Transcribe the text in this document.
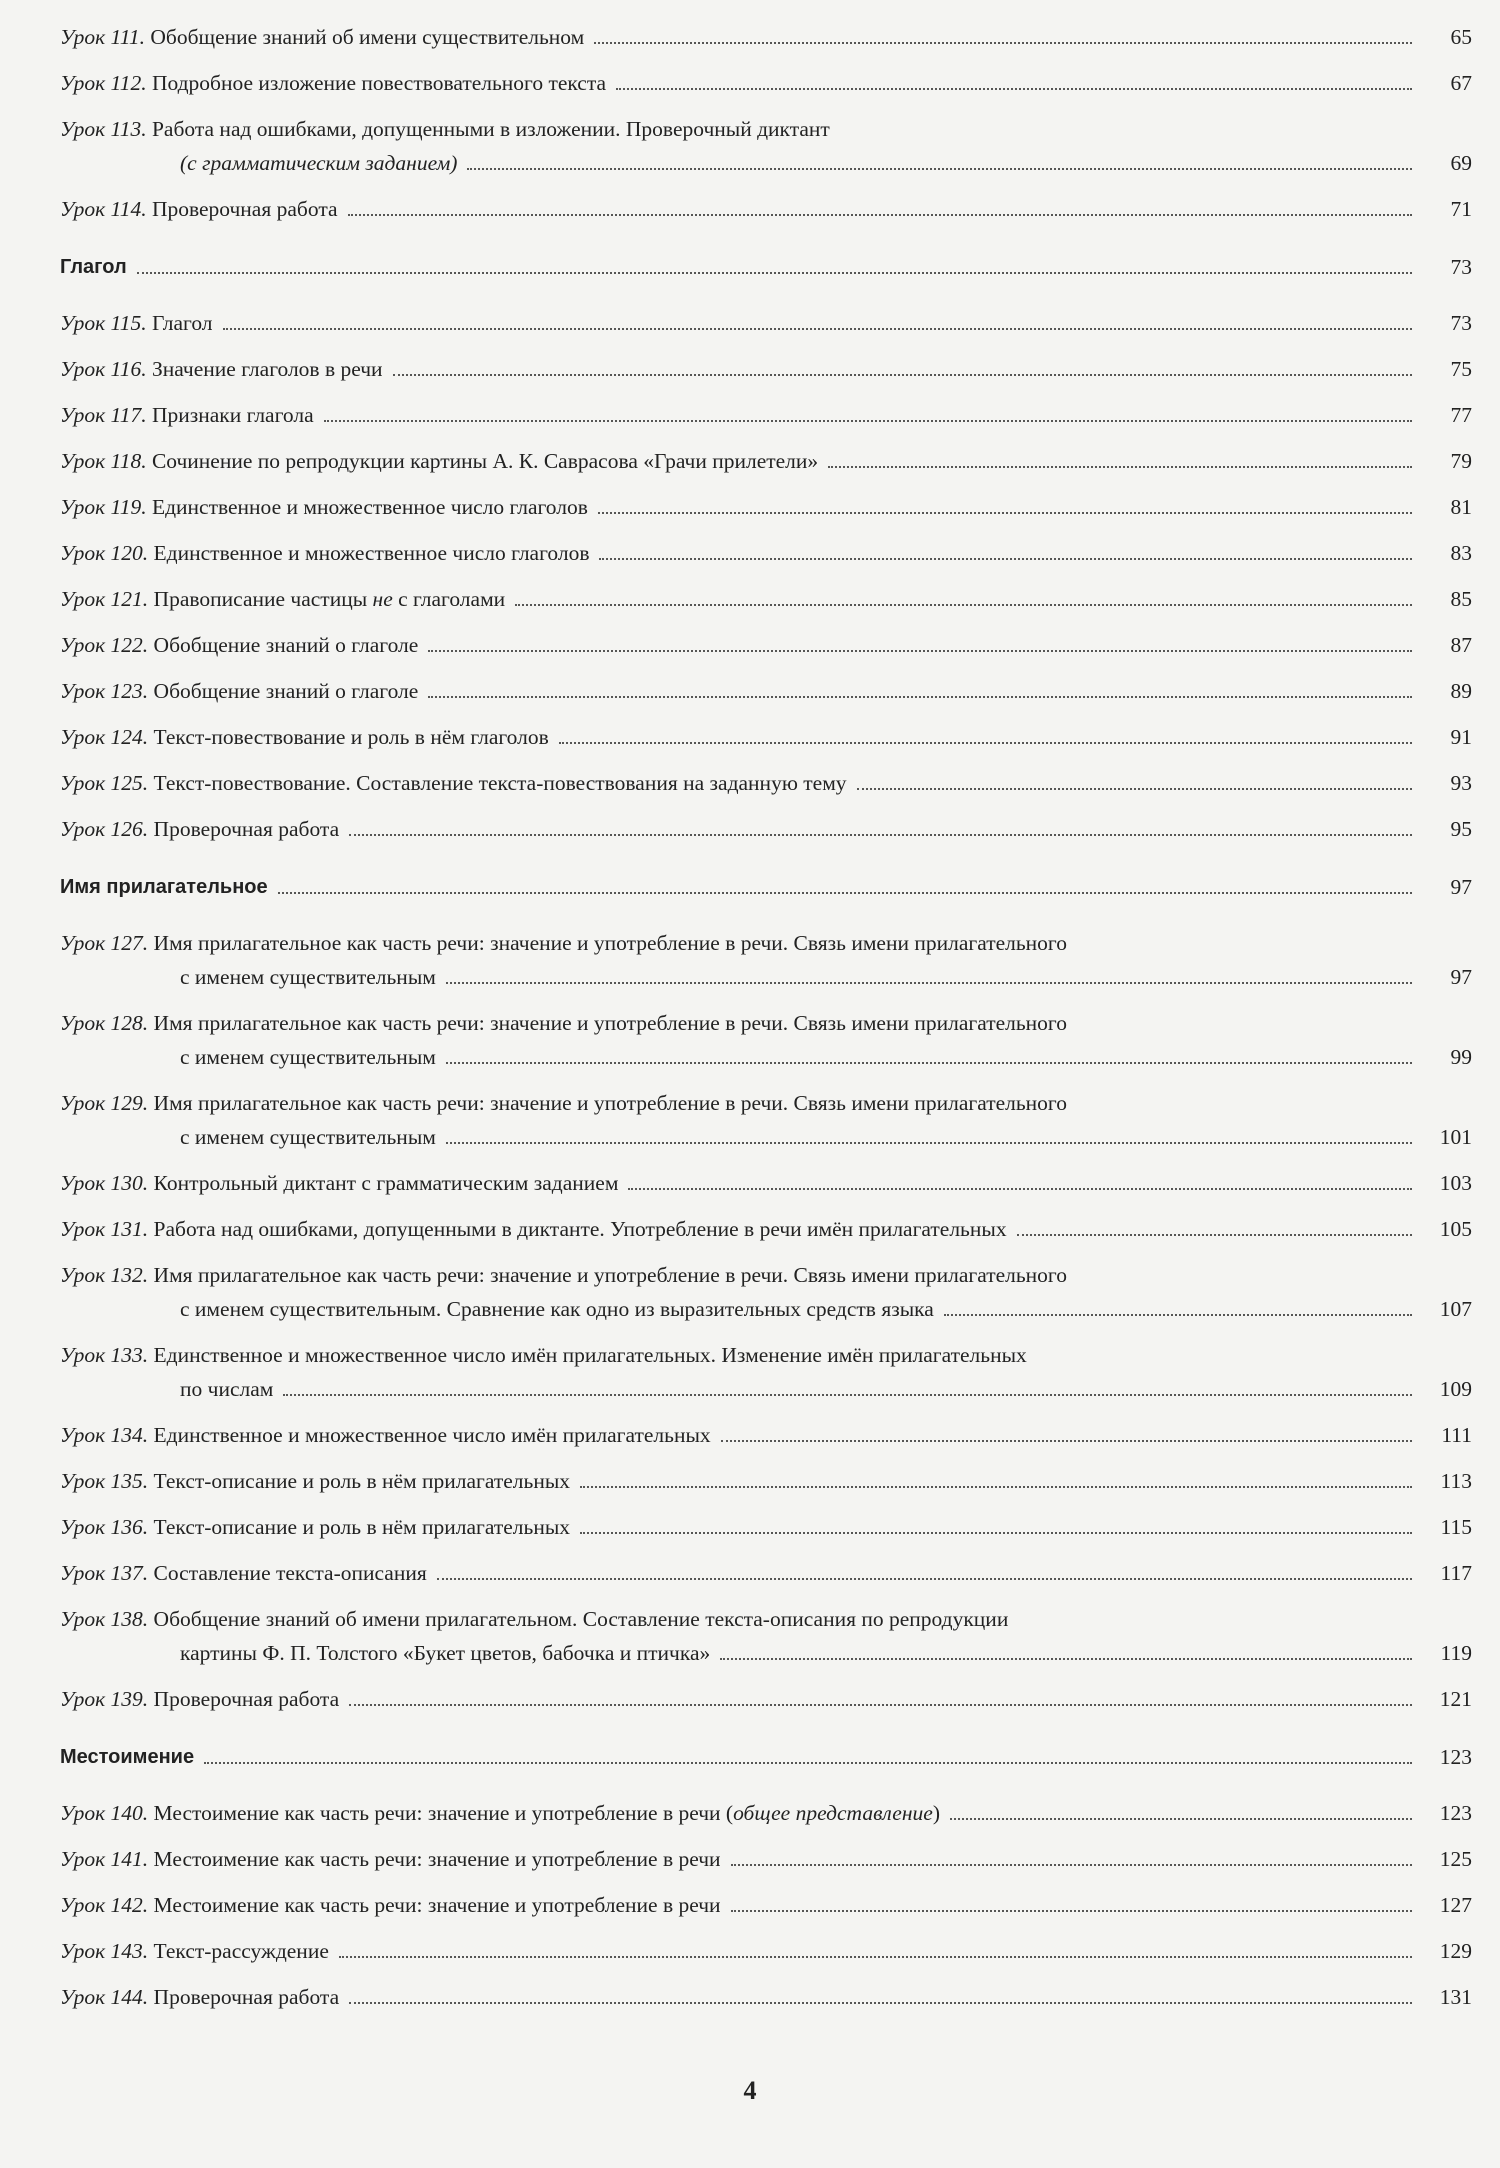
Урок 111. Обобщение знаний об имени существительном	65
Урок 112. Подробное изложение повествовательного текста	67
Урок 113. Работа над ошибками, допущенными в изложении. Проверочный диктант
(с грамматическим заданием)	69
Урок 114. Проверочная работа	71
Глагол	73
Урок 115. Глагол	73
Урок 116. Значение глаголов в речи	75
Урок 117. Признаки глагола	77
Урок 118. Сочинение по репродукции картины А. К. Саврасова «Грачи прилетели»	79
Урок 119. Единственное и множественное число глаголов	81
Урок 120. Единственное и множественное число глаголов	83
Урок 121. Правописание частицы не с глаголами	85
Урок 122. Обобщение знаний о глаголе	87
Урок 123. Обобщение знаний о глаголе	89
Урок 124. Текст-повествование и роль в нём глаголов	91
Урок 125. Текст-повествование. Составление текста-повествования на заданную тему	93
Урок 126. Проверочная работа	95
Имя прилагательное	97
Урок 127. Имя прилагательное как часть речи: значение и употребление в речи. Связь имени прилагательного
с именем существительным	97
Урок 128. Имя прилагательное как часть речи: значение и употребление в речи. Связь имени прилагательного
с именем существительным	99
Урок 129. Имя прилагательное как часть речи: значение и употребление в речи. Связь имени прилагательного
с именем существительным	101
Урок 130. Контрольный диктант с грамматическим заданием	103
Урок 131. Работа над ошибками, допущенными в диктанте. Употребление в речи имён прилагательных	105
Урок 132. Имя прилагательное как часть речи: значение и употребление в речи. Связь имени прилагательного
с именем существительным. Сравнение как одно из выразительных средств языка	107
Урок 133. Единственное и множественное число имён прилагательных. Изменение имён прилагательных
по числам	109
Урок 134. Единственное и множественное число имён прилагательных	111
Урок 135. Текст-описание и роль в нём прилагательных	113
Урок 136. Текст-описание и роль в нём прилагательных	115
Урок 137. Составление текста-описания	117
Урок 138. Обобщение знаний об имени прилагательном. Составление текста-описания по репродукции
картины Ф. П. Толстого «Букет цветов, бабочка и птичка»	119
Урок 139. Проверочная работа	121
Местоимение	123
Урок 140. Местоимение как часть речи: значение и употребление в речи (общее представление)	123
Урок 141. Местоимение как часть речи: значение и употребление в речи	125
Урок 142. Местоимение как часть речи: значение и употребление в речи	127
Урок 143. Текст-рассуждение	129
Урок 144. Проверочная работа	131
4
